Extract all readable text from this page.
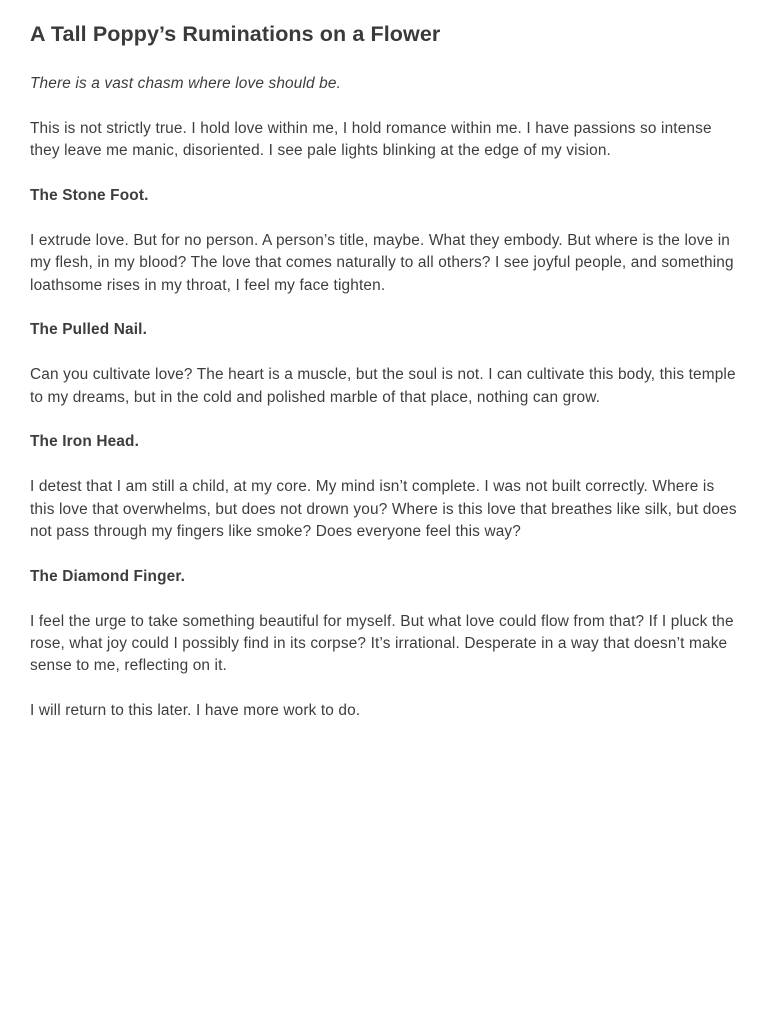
A Tall Poppy’s Ruminations on a Flower

There is a vast chasm where love should be.

This is not strictly true. I hold love within me, I hold romance within me. I have passions so intense they leave me manic, disoriented. I see pale lights blinking at the edge of my vision.

The Stone Foot.

I extrude love. But for no person. A person’s title, maybe. What they embody. But where is the love in my flesh, in my blood? The love that comes naturally to all others? I see joyful people, and something loathsome rises in my throat, I feel my face tighten.

The Pulled Nail.

Can you cultivate love? The heart is a muscle, but the soul is not. I can cultivate this body, this temple to my dreams, but in the cold and polished marble of that place, nothing can grow.

The Iron Head.

I detest that I am still a child, at my core. My mind isn’t complete. I was not built correctly. Where is this love that overwhelms, but does not drown you? Where is this love that breathes like silk, but does not pass through my fingers like smoke? Does everyone feel this way?

The Diamond Finger.

I feel the urge to take something beautiful for myself. But what love could flow from that? If I pluck the rose, what joy could I possibly find in its corpse? It’s irrational. Desperate in a way that doesn’t make sense to me, reflecting on it.

I will return to this later. I have more work to do.
